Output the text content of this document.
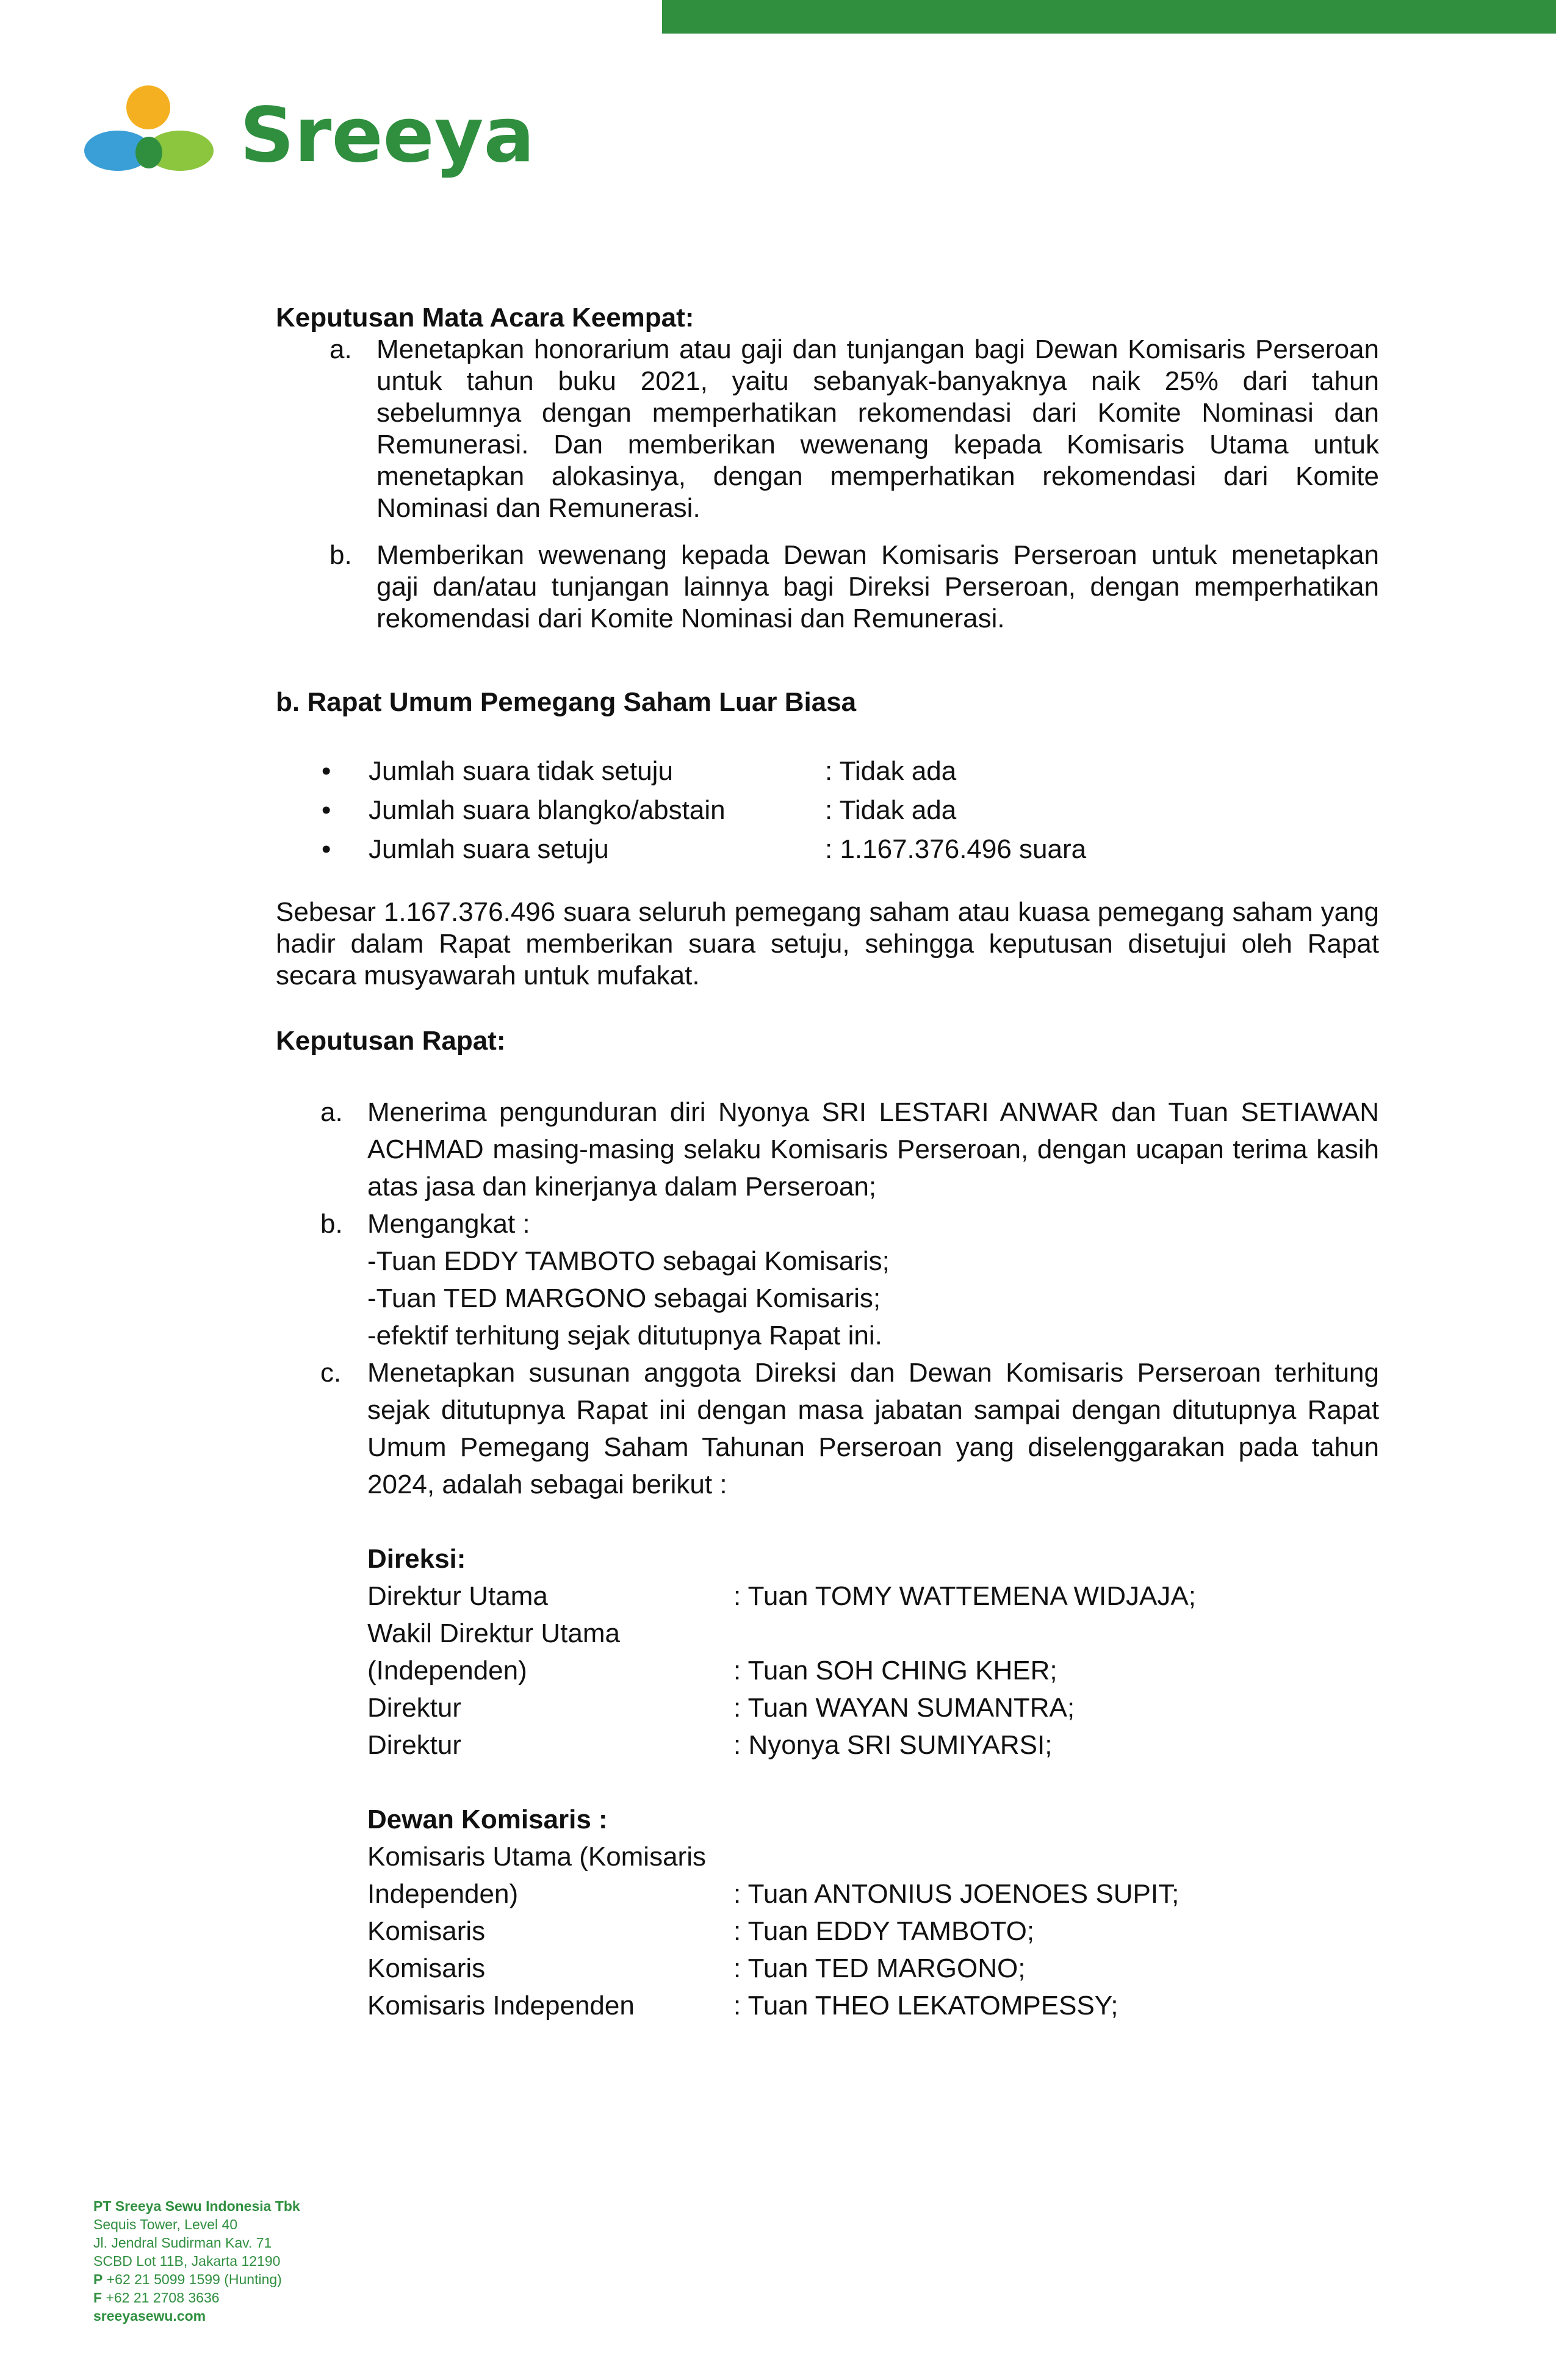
Sreeya
Keputusan Mata Acara Keempat:
a. Menetapkan honorarium atau gaji dan tunjangan bagi Dewan Komisaris Perseroan untuk tahun buku 2021, yaitu sebanyak-banyaknya naik 25% dari tahun sebelumnya dengan memperhatikan rekomendasi dari Komite Nominasi dan Remunerasi. Dan memberikan wewenang kepada Komisaris Utama untuk menetapkan alokasinya, dengan memperhatikan rekomendasi dari Komite Nominasi dan Remunerasi.
b. Memberikan wewenang kepada Dewan Komisaris Perseroan untuk menetapkan gaji dan/atau tunjangan lainnya bagi Direksi Perseroan, dengan memperhatikan rekomendasi dari Komite Nominasi dan Remunerasi.
b. Rapat Umum Pemegang Saham Luar Biasa
• Jumlah suara tidak setuju	: Tidak ada
• Jumlah suara blangko/abstain	: Tidak ada
• Jumlah suara setuju	: 1.167.376.496 suara
Sebesar 1.167.376.496 suara seluruh pemegang saham atau kuasa pemegang saham yang hadir dalam Rapat memberikan suara setuju, sehingga keputusan disetujui oleh Rapat secara musyawarah untuk mufakat.
Keputusan Rapat:
a. Menerima pengunduran diri Nyonya SRI LESTARI ANWAR dan Tuan SETIAWAN ACHMAD masing-masing selaku Komisaris Perseroan, dengan ucapan terima kasih atas jasa dan kinerjanya dalam Perseroan;
b. Mengangkat :
-Tuan EDDY TAMBOTO sebagai Komisaris;
-Tuan TED MARGONO sebagai Komisaris;
-efektif terhitung sejak ditutupnya Rapat ini.
c. Menetapkan susunan anggota Direksi dan Dewan Komisaris Perseroan terhitung sejak ditutupnya Rapat ini dengan masa jabatan sampai dengan ditutupnya Rapat Umum Pemegang Saham Tahunan Perseroan yang diselenggarakan pada tahun 2024, adalah sebagai berikut :
Direksi:
Direktur Utama	: Tuan TOMY WATTEMENA WIDJAJA;
Wakil Direktur Utama
(Independen)	: Tuan SOH CHING KHER;
Direktur	: Tuan WAYAN SUMANTRA;
Direktur	: Nyonya SRI SUMIYARSI;
Dewan Komisaris :
Komisaris Utama (Komisaris
Independen)	: Tuan ANTONIUS JOENOES SUPIT;
Komisaris	: Tuan EDDY TAMBOTO;
Komisaris	: Tuan TED MARGONO;
Komisaris Independen	: Tuan THEO LEKATOMPESSY;
PT Sreeya Sewu Indonesia Tbk
Sequis Tower, Level 40
Jl. Jendral Sudirman Kav. 71
SCBD Lot 11B, Jakarta 12190
P +62 21 5099 1599 (Hunting)
F +62 21 2708 3636
sreeyasewu.com
